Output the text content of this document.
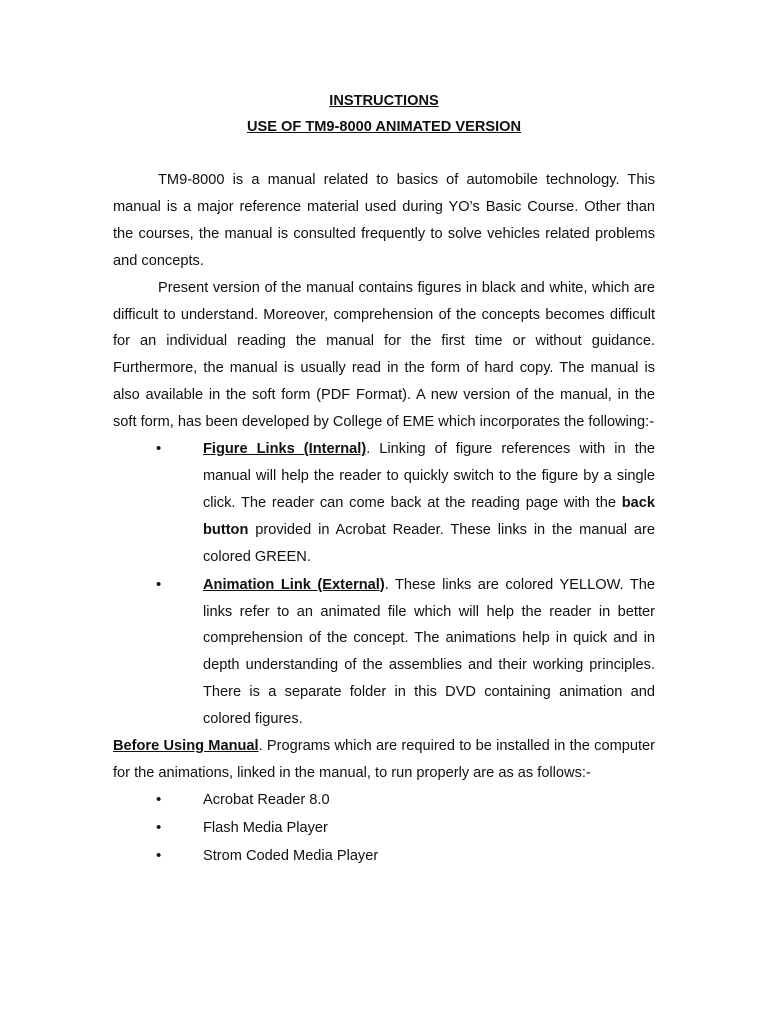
INSTRUCTIONS
USE OF TM9-8000 ANIMATED VERSION

TM9-8000 is a manual related to basics of automobile technology. This manual is a major reference material used during YO’s Basic Course. Other than the courses, the manual is consulted frequently to solve vehicles related problems and concepts.

Present version of the manual contains figures in black and white, which are difficult to understand. Moreover, comprehension of the concepts becomes difficult for an individual reading the manual for the first time or without guidance. Furthermore, the manual is usually read in the form of hard copy. The manual is also available in the soft form (PDF Format). A new version of the manual, in the soft form, has been developed by College of EME which incorporates the following:-

•	Figure Links (Internal). Linking of figure references with in the manual will help the reader to quickly switch to the figure by a single click. The reader can come back at the reading page with the back button provided in Acrobat Reader. These links in the manual are colored GREEN.
•	Animation Link (External). These links are colored YELLOW. The links refer to an animated file which will help the reader in better comprehension of the concept. The animations help in quick and in depth understanding of the assemblies and their working principles. There is a separate folder in this DVD containing animation and colored figures.

Before Using Manual. Programs which are required to be installed in the computer for the animations, linked in the manual, to run properly are as as follows:-

•	Acrobat Reader 8.0
•	Flash Media Player
•	Strom Coded Media Player
